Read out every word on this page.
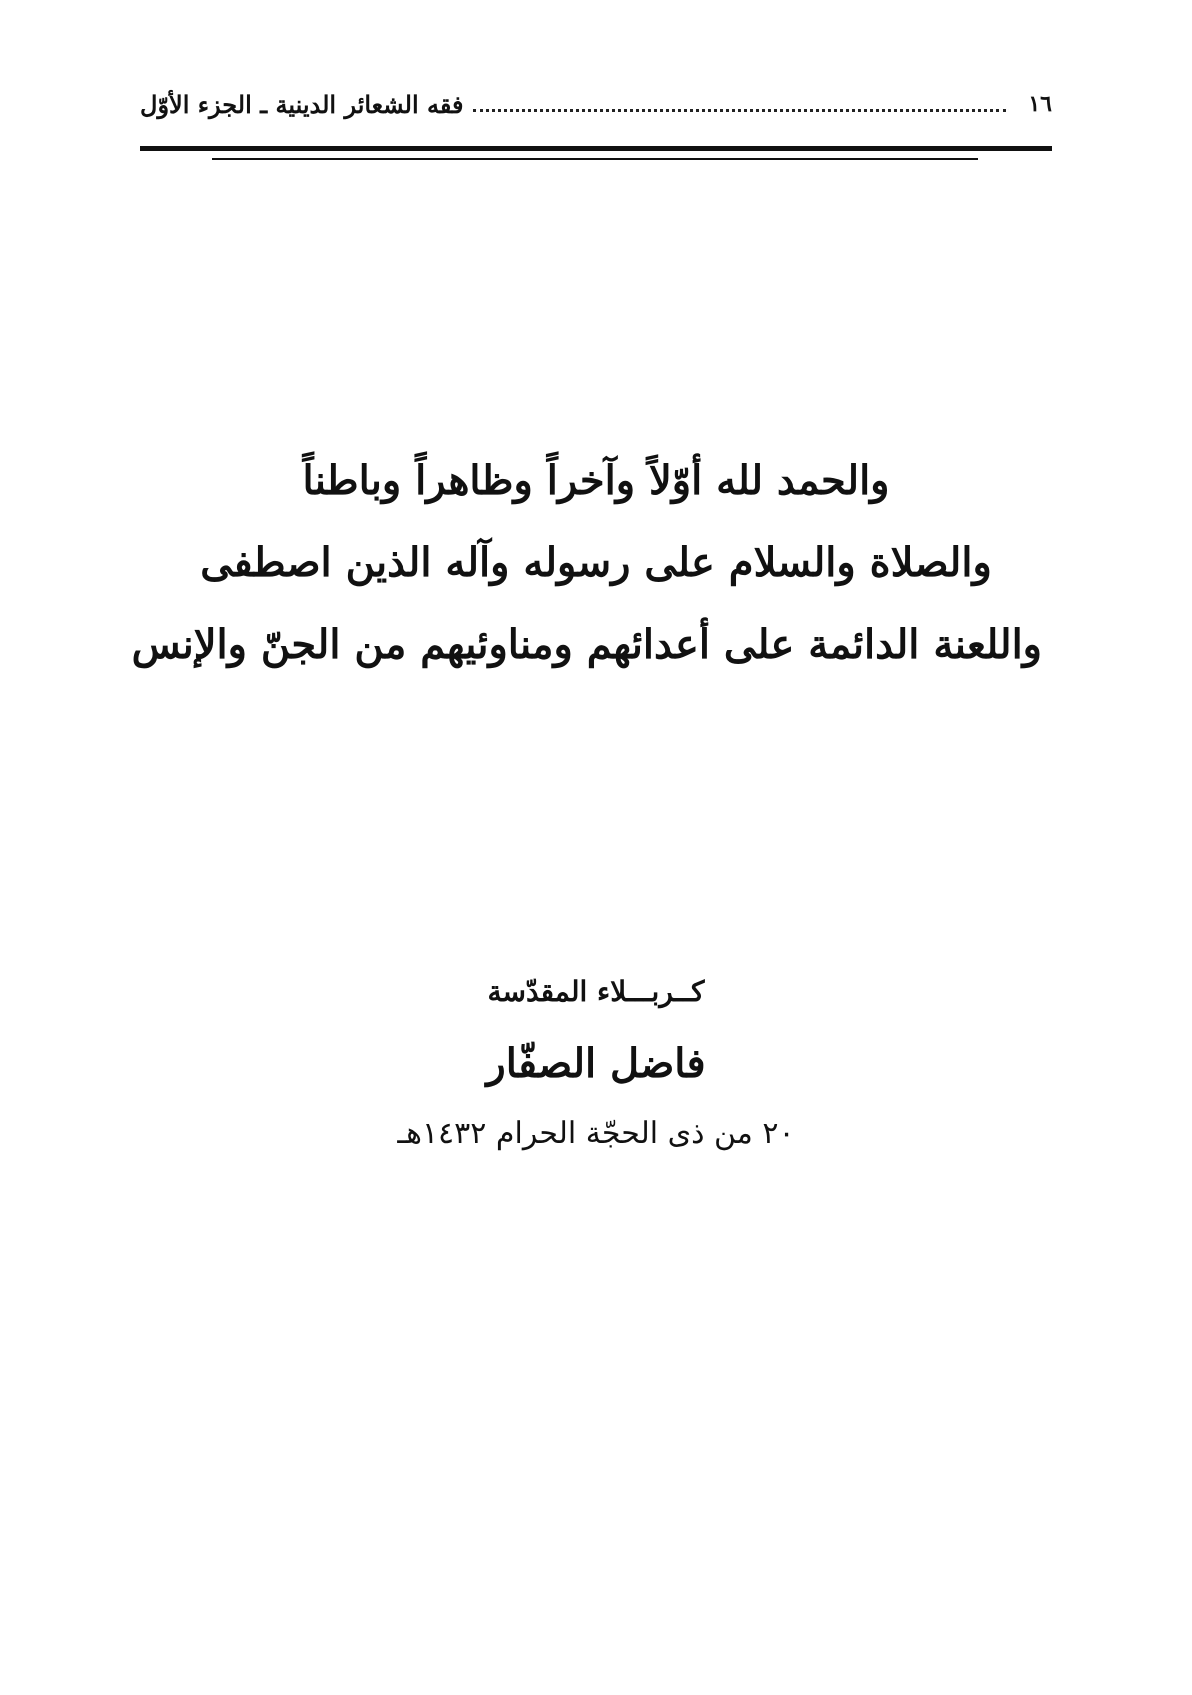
١٦
فقه الشعائر الدينية ـ الجزء الأوّل
والحمد لله أوّلاً وآخراً وظاهراً وباطناً
والصلاة والسلام على رسوله وآله الذين اصطفى
واللعنة الدائمة على أعدائهم ومناوئيهم من الجنّ والإنس
كــربـــلاء المقدّسة
فاضل الصفّار
٢٠ من ذى الحجّة الحرام ١٤٣٢هـ
